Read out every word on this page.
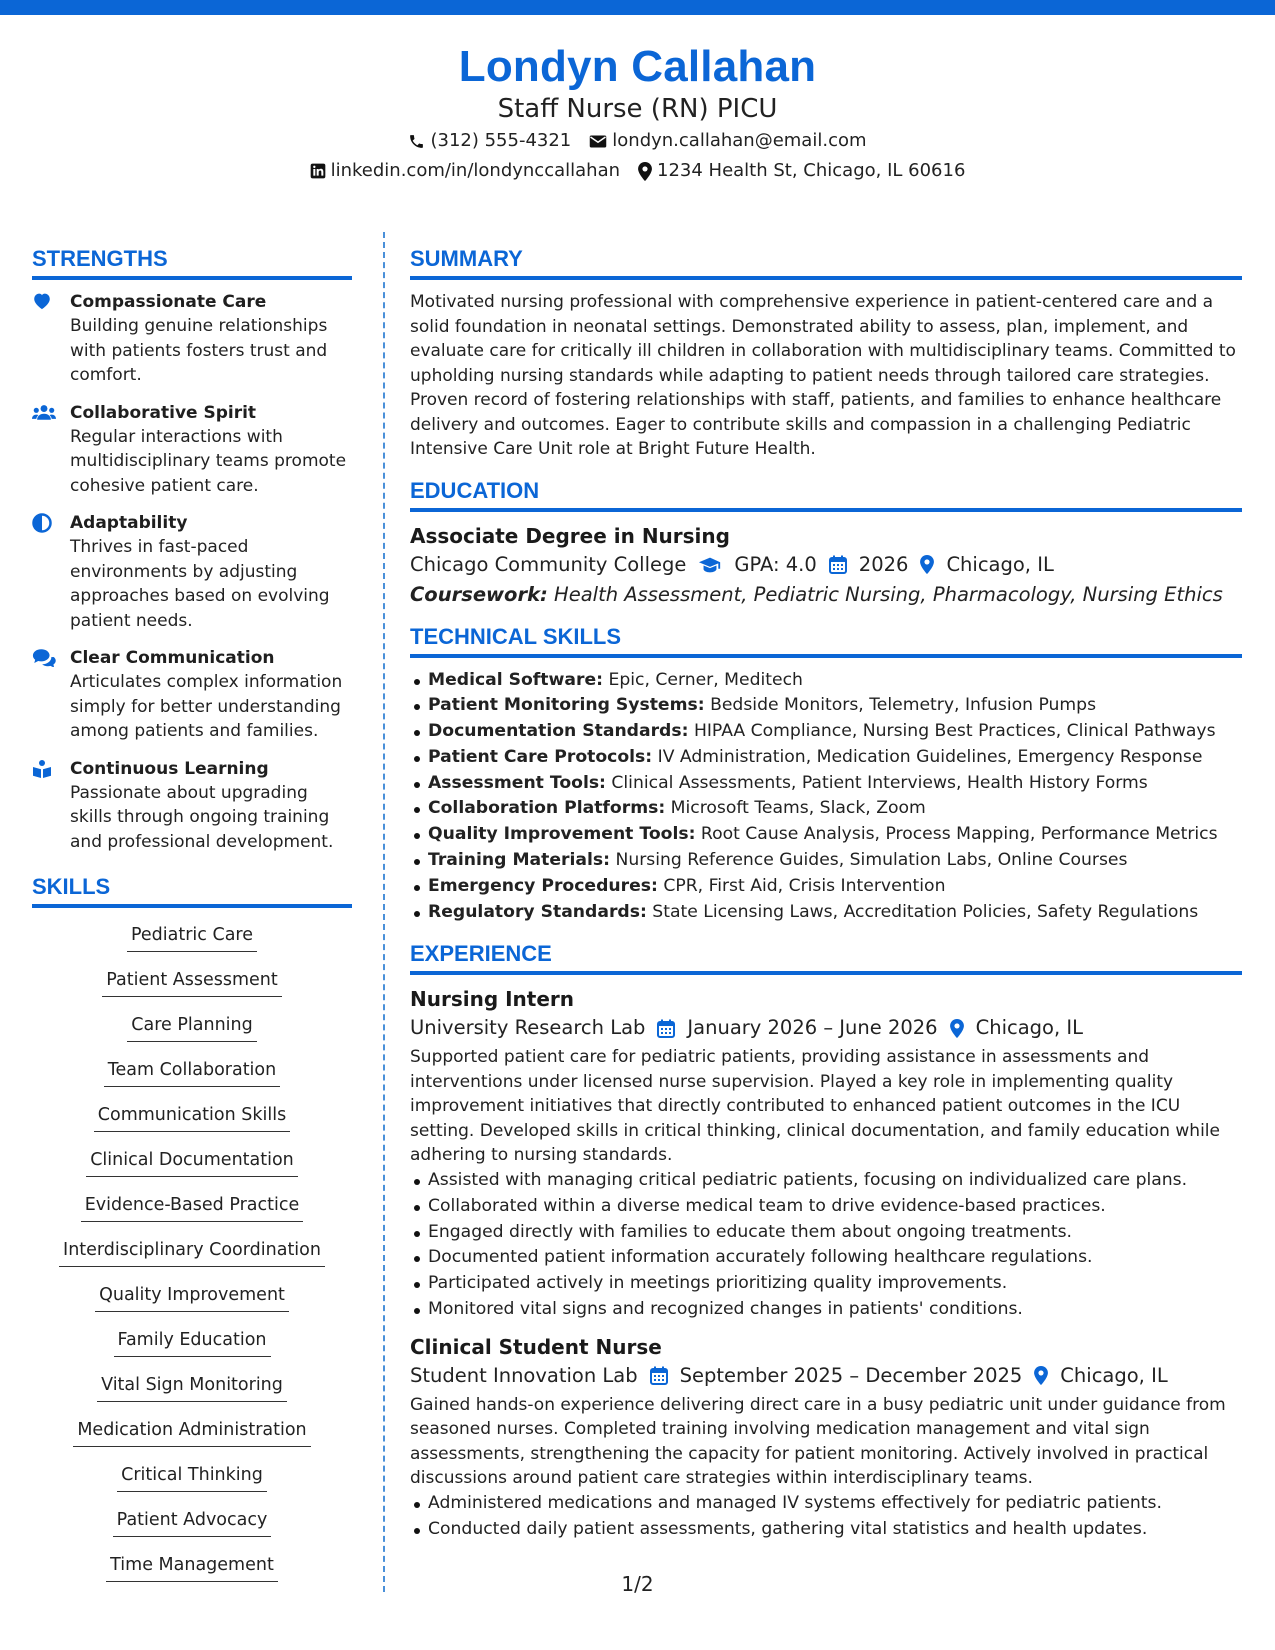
Londyn Callahan
Staff Nurse (RN) PICU
(312) 555-4321 londyn.callahan@email.com
linkedin.com/in/londynccallahan 1234 Health St, Chicago, IL 60616
STRENGTHS
Compassionate Care
Building genuine relationships with patients fosters trust and comfort.
Collaborative Spirit
Regular interactions with multidisciplinary teams promote cohesive patient care.
Adaptability
Thrives in fast-paced environments by adjusting approaches based on evolving patient needs.
Clear Communication
Articulates complex information simply for better understanding among patients and families.
Continuous Learning
Passionate about upgrading skills through ongoing training and professional development.
SKILLS
Pediatric Care
Patient Assessment
Care Planning
Team Collaboration
Communication Skills
Clinical Documentation
Evidence-Based Practice
Interdisciplinary Coordination
Quality Improvement
Family Education
Vital Sign Monitoring
Medication Administration
Critical Thinking
Patient Advocacy
Time Management
SUMMARY
Motivated nursing professional with comprehensive experience in patient-centered care and a solid foundation in neonatal settings. Demonstrated ability to assess, plan, implement, and evaluate care for critically ill children in collaboration with multidisciplinary teams. Committed to upholding nursing standards while adapting to patient needs through tailored care strategies. Proven record of fostering relationships with staff, patients, and families to enhance healthcare delivery and outcomes. Eager to contribute skills and compassion in a challenging Pediatric Intensive Care Unit role at Bright Future Health.
EDUCATION
Associate Degree in Nursing
Chicago Community College GPA: 4.0 2026 Chicago, IL
Coursework: Health Assessment, Pediatric Nursing, Pharmacology, Nursing Ethics
TECHNICAL SKILLS
Medical Software: Epic, Cerner, Meditech
Patient Monitoring Systems: Bedside Monitors, Telemetry, Infusion Pumps
Documentation Standards: HIPAA Compliance, Nursing Best Practices, Clinical Pathways
Patient Care Protocols: IV Administration, Medication Guidelines, Emergency Response
Assessment Tools: Clinical Assessments, Patient Interviews, Health History Forms
Collaboration Platforms: Microsoft Teams, Slack, Zoom
Quality Improvement Tools: Root Cause Analysis, Process Mapping, Performance Metrics
Training Materials: Nursing Reference Guides, Simulation Labs, Online Courses
Emergency Procedures: CPR, First Aid, Crisis Intervention
Regulatory Standards: State Licensing Laws, Accreditation Policies, Safety Regulations
EXPERIENCE
Nursing Intern
University Research Lab January 2026 – June 2026 Chicago, IL
Supported patient care for pediatric patients, providing assistance in assessments and interventions under licensed nurse supervision. Played a key role in implementing quality improvement initiatives that directly contributed to enhanced patient outcomes in the ICU setting. Developed skills in critical thinking, clinical documentation, and family education while adhering to nursing standards.
Assisted with managing critical pediatric patients, focusing on individualized care plans.
Collaborated within a diverse medical team to drive evidence-based practices.
Engaged directly with families to educate them about ongoing treatments.
Documented patient information accurately following healthcare regulations.
Participated actively in meetings prioritizing quality improvements.
Monitored vital signs and recognized changes in patients' conditions.
Clinical Student Nurse
Student Innovation Lab September 2025 – December 2025 Chicago, IL
Gained hands-on experience delivering direct care in a busy pediatric unit under guidance from seasoned nurses. Completed training involving medication management and vital sign assessments, strengthening the capacity for patient monitoring. Actively involved in practical discussions around patient care strategies within interdisciplinary teams.
Administered medications and managed IV systems effectively for pediatric patients.
Conducted daily patient assessments, gathering vital statistics and health updates.
1/2
